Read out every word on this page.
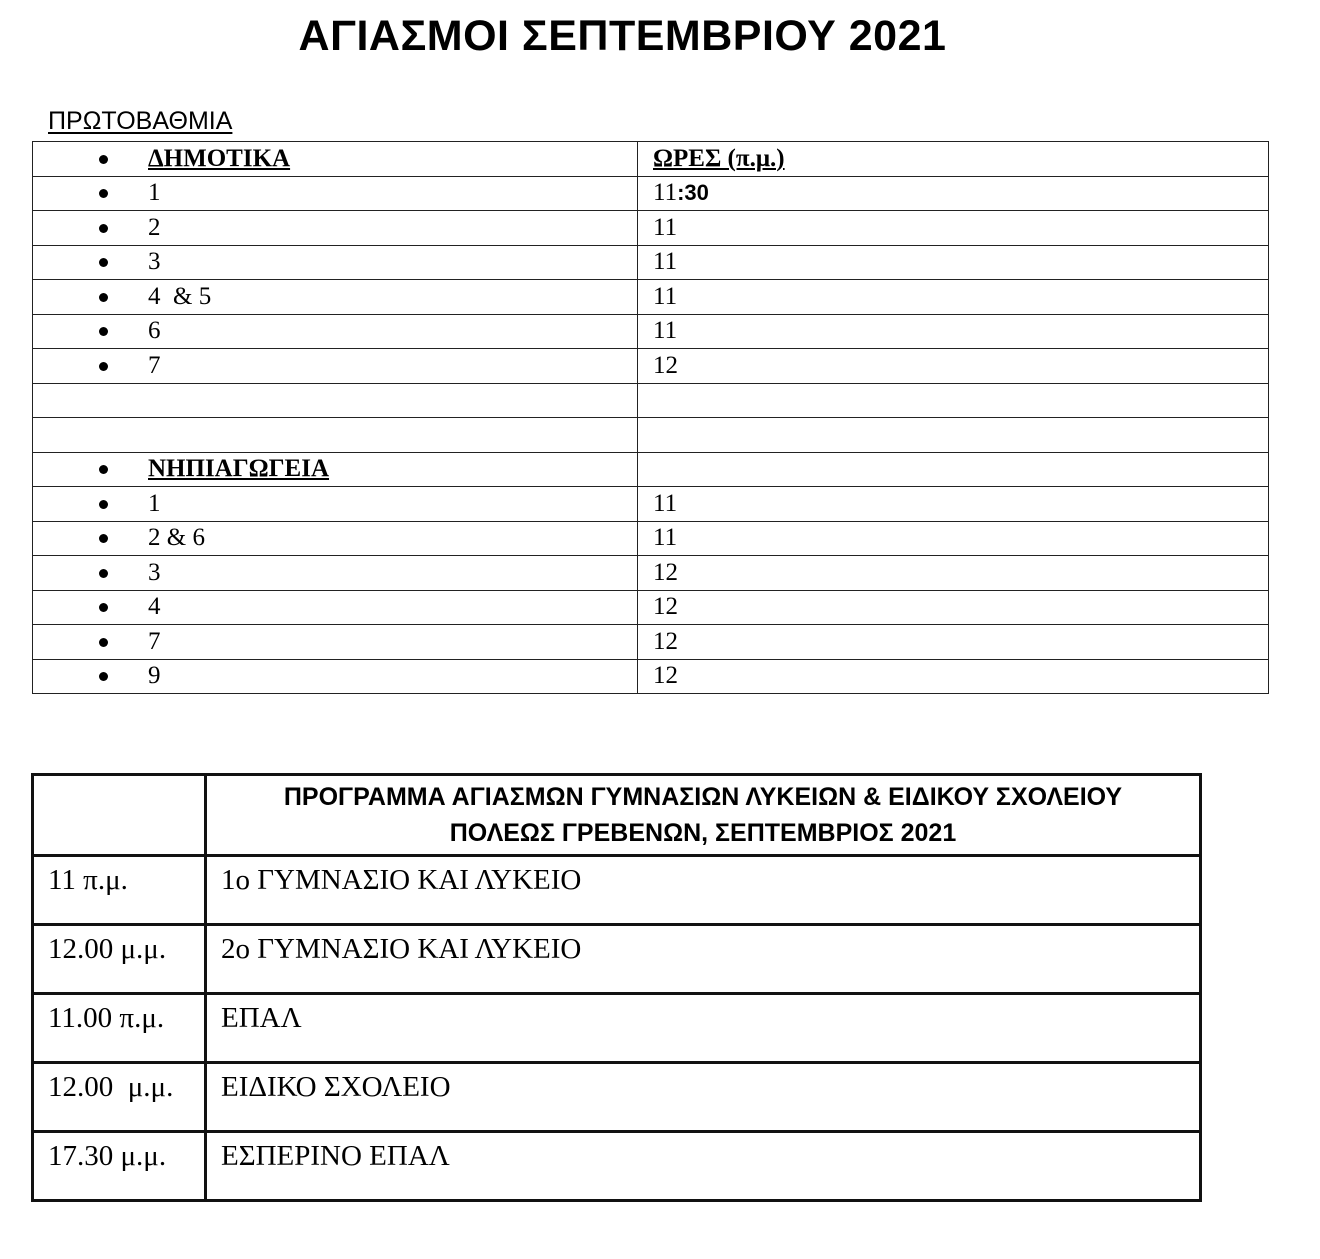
ΑΓΙΑΣΜΟΙ ΣΕΠΤΕΜΒΡΙΟΥ 2021
ΠΡΩΤΟΒΑΘΜΙΑ
ΔΗΜΟΤΙΚΑ	ΩΡΕΣ (π.μ.)

1	11:30

2	11

3	11

4  & 5	11

6	11

7	12

ΝΗΠΙΑΓΩΓΕΙΑ	

1	11

2 & 6	11

3	12

4	12

7	12

9	12

	ΠΡΟΓΡΑΜΜΑ ΑΓΙΑΣΜΩΝ ΓΥΜΝΑΣΙΩΝ ΛΥΚΕΙΩΝ & ΕΙΔΙΚΟΥ ΣΧΟΛΕΙΟΥ
ΠΟΛΕΩΣ ΓΡΕΒΕΝΩΝ, ΣΕΠΤΕΜΒΡΙΟΣ 2021

11 π.μ.	1ο ΓΥΜΝΑΣΙΟ ΚΑΙ ΛΥΚΕΙΟ

12.00 μ.μ.	2ο ΓΥΜΝΑΣΙΟ ΚΑΙ ΛΥΚΕΙΟ

11.00 π.μ.	ΕΠΑΛ

12.00  μ.μ.	ΕΙΔΙΚΟ ΣΧΟΛΕΙΟ

17.30 μ.μ.	ΕΣΠΕΡΙΝΟ ΕΠΑΛ
